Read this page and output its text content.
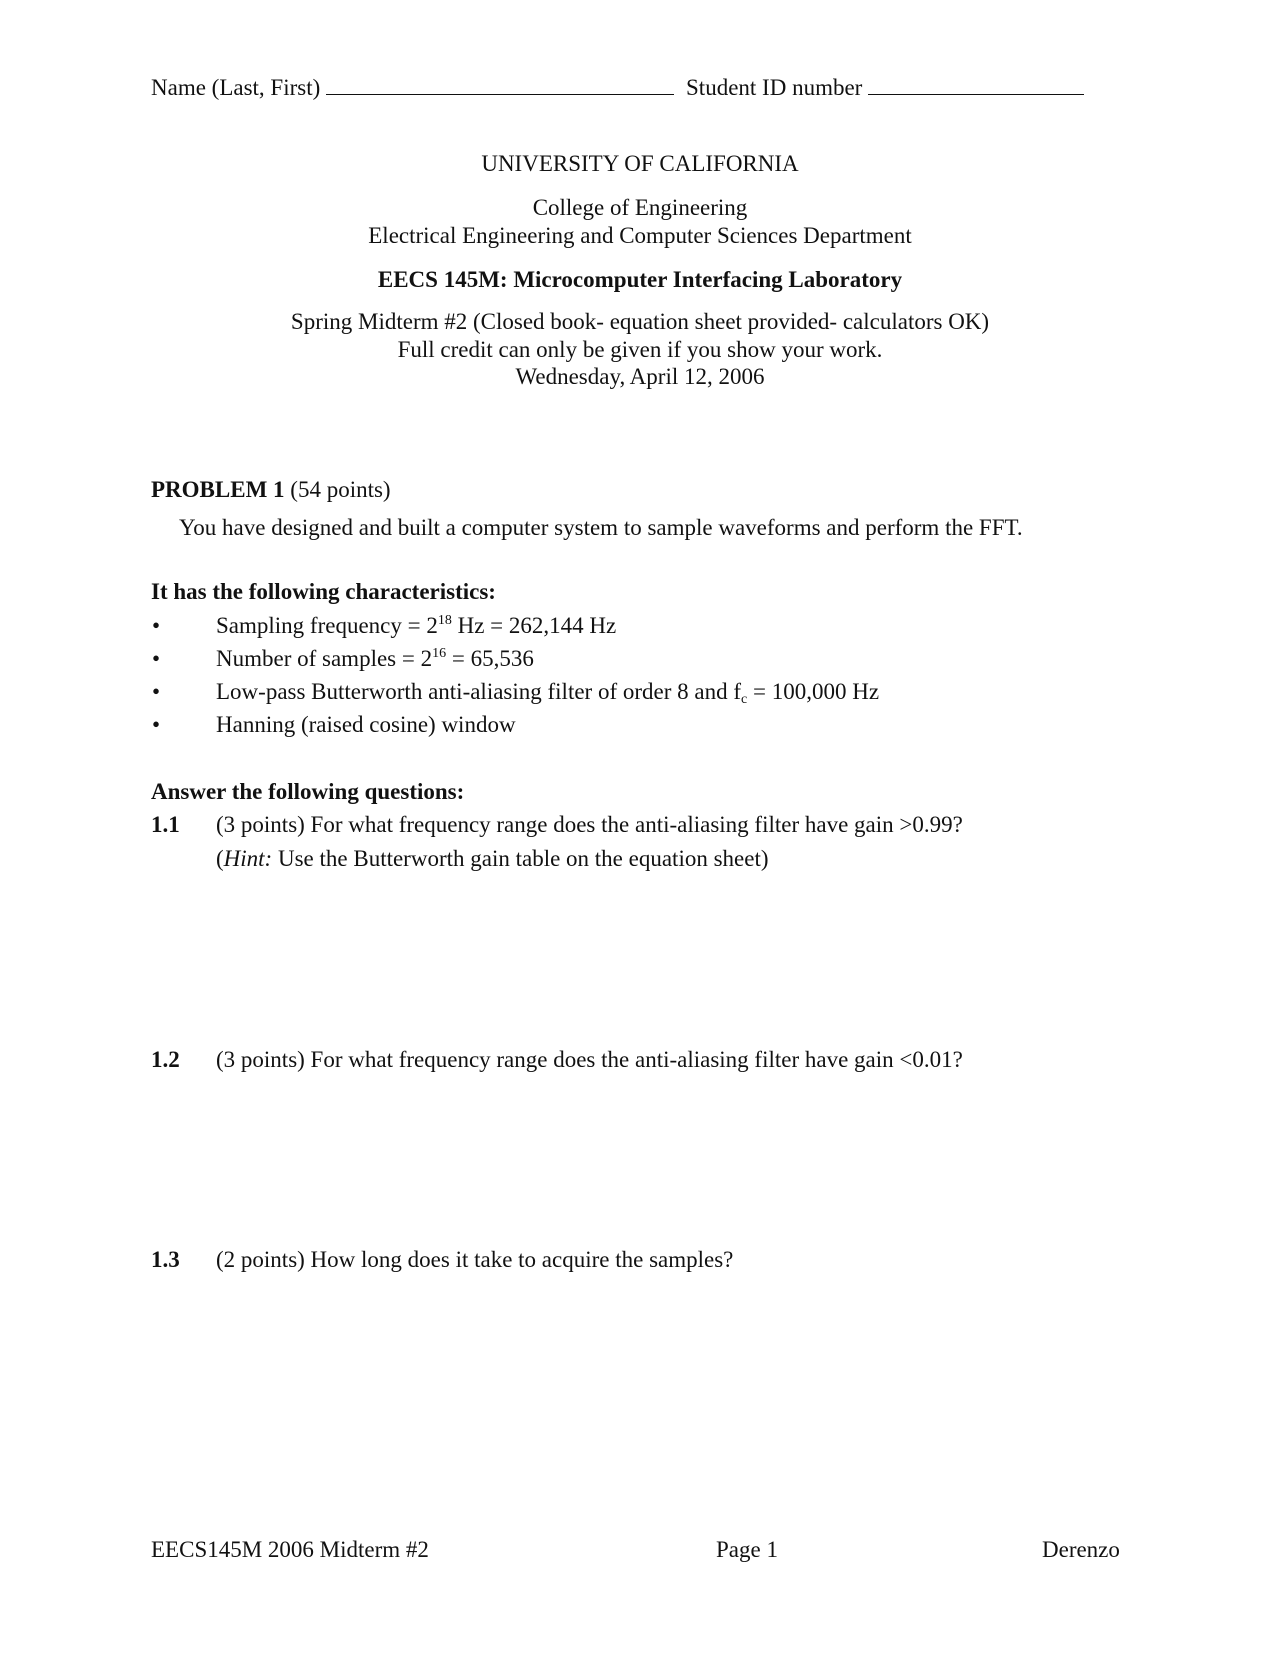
Name (Last, First)	Student ID number
UNIVERSITY OF CALIFORNIA
College of Engineering
Electrical Engineering and Computer Sciences Department
EECS 145M: Microcomputer Interfacing Laboratory
Spring Midterm #2 (Closed book- equation sheet provided- calculators OK)
Full credit can only be given if you show your work.
Wednesday, April 12, 2006
PROBLEM 1 (54 points)
You have designed and built a computer system to sample waveforms and perform the FFT.
It has the following characteristics:
•	Sampling frequency = $2^{18}$ Hz = 262,144 Hz
•	Number of samples = $2^{16} = 65,536$
•	Low-pass Butterworth anti-aliasing filter of order 8 and $f_c = 100,000$ Hz
•	Hanning (raised cosine) window
Answer the following questions:
1.1 (3 points) For what frequency range does the anti-aliasing filter have gain >0.99?
(Hint: Use the Butterworth gain table on the equation sheet)
1.2 (3 points) For what frequency range does the anti-aliasing filter have gain <0.01?
1.3 (2 points) How long does it take to acquire the samples?
EECS145M 2006 Midterm #2	Page 1	Derenzo
